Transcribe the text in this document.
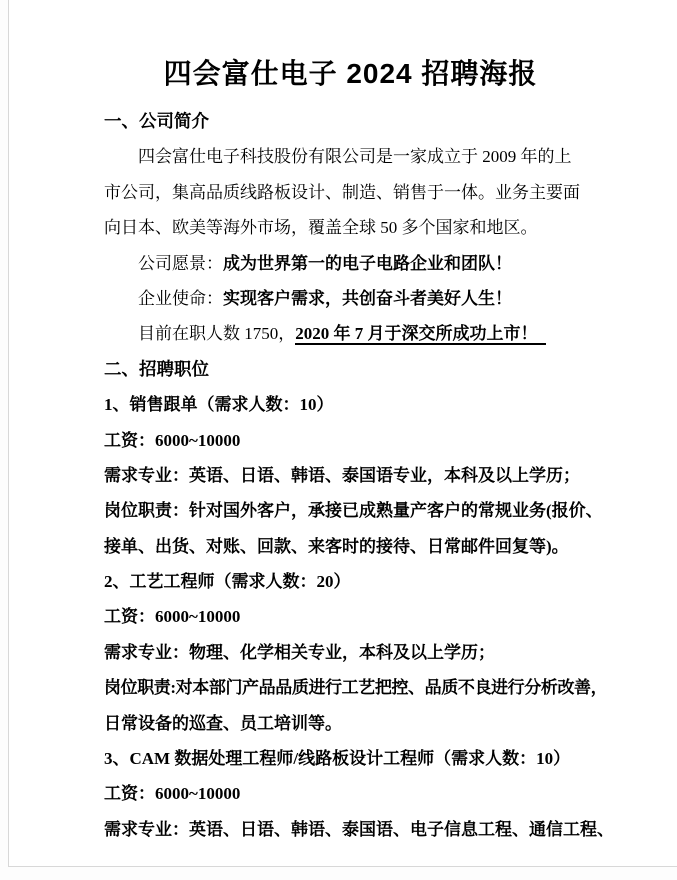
四会富仕电子 2024 招聘海报
一、公司简介
四会富仕电子科技股份有限公司是一家成立于 2009 年的上
市公司，集高品质线路板设计、制造、销售于一体。业务主要面
向日本、欧美等海外市场，覆盖全球 50 多个国家和地区。
公司愿景：成为世界第一的电子电路企业和团队！
企业使命：实现客户需求，共创奋斗者美好人生！
目前在职人数 1750，2020 年 7 月于深交所成功上市！
二、招聘职位
1、销售跟单（需求人数：10）
工资：6000~10000
需求专业：英语、日语、韩语、泰国语专业，本科及以上学历；
岗位职责：针对国外客户，承接已成熟量产客户的常规业务(报价、
接单、出货、对账、回款、来客时的接待、日常邮件回复等)。
2、工艺工程师（需求人数：20）
工资：6000~10000
需求专业：物理、化学相关专业，本科及以上学历；
岗位职责:对本部门产品品质进行工艺把控、品质不良进行分析改善，
日常设备的巡查、员工培训等。
3、CAM 数据处理工程师/线路板设计工程师（需求人数：10）
工资：6000~10000
需求专业：英语、日语、韩语、泰国语、电子信息工程、通信工程、
